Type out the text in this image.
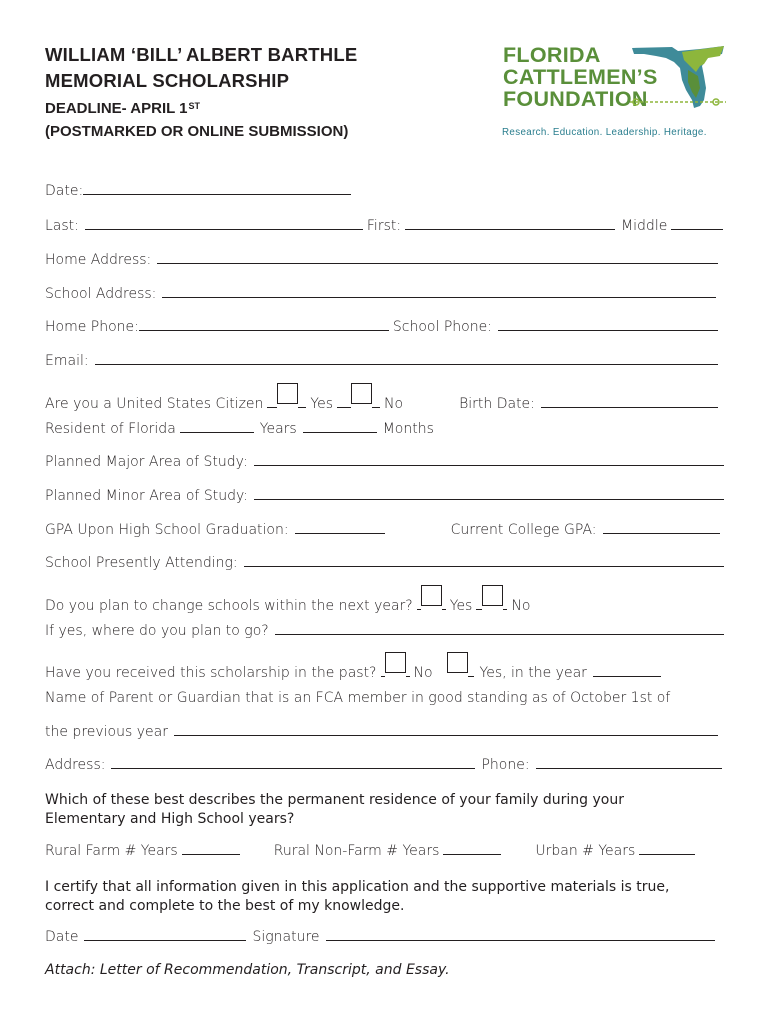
WILLIAM ‘BILL’ ALBERT BARTHLE
MEMORIAL SCHOLARSHIP
DEADLINE- APRIL 1ST
(POSTMARKED OR ONLINE SUBMISSION)
FLORIDA
CATTLEMEN’S
FOUNDATION
Research. Education. Leadership. Heritage.
Date:
Last:	First:	Middle
Home Address:
School Address:
Home Phone:	School Phone:
Email:
Are you a United States Citizen	Yes	No	Birth Date:
Resident of Florida	Years	Months
Planned Major Area of Study:
Planned Minor Area of Study:
GPA Upon High School Graduation:	Current College GPA:
School Presently Attending:
Do you plan to change schools within the next year?	Yes	No
If yes, where do you plan to go?
Have you received this scholarship in the past?	No	Yes, in the year
Name of Parent or Guardian that is an FCA member in good standing as of October 1st of
the previous year
Address:	Phone:
Which of these best describes the permanent residence of your family during your
Elementary and High School years?
Rural Farm # Years	Rural Non-Farm # Years	Urban # Years
I certify that all information given in this application and the supportive materials is true,
correct and complete to the best of my knowledge.
Date	Signature
Attach: Letter of Recommendation, Transcript, and Essay.
